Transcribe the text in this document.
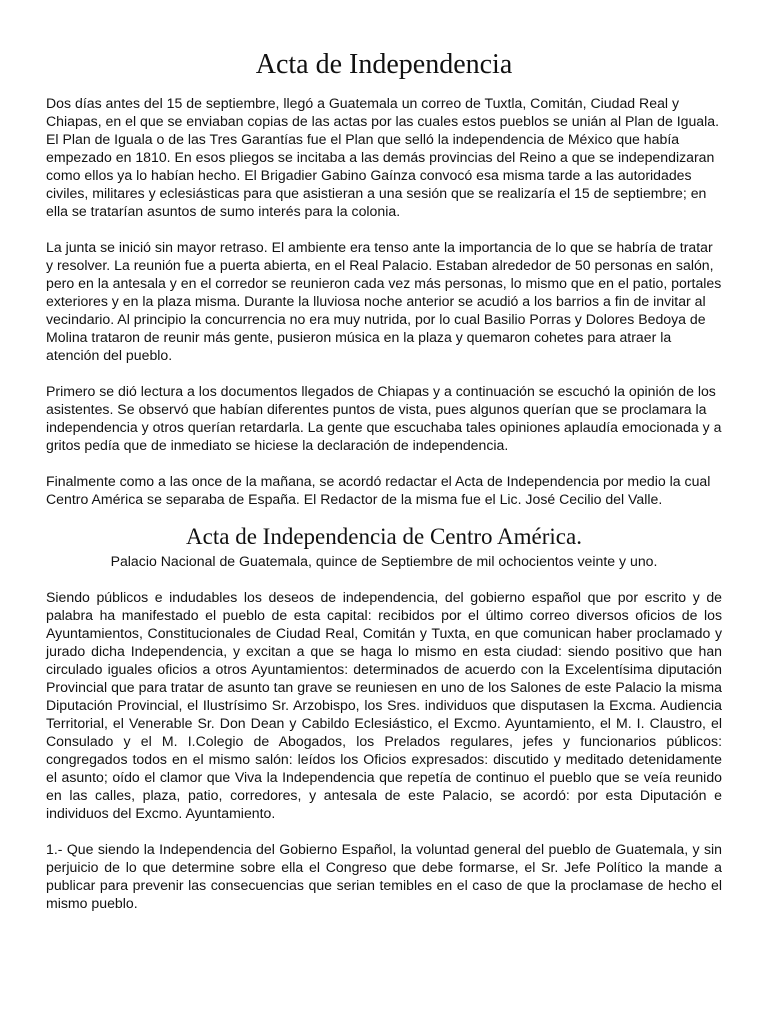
Acta de Independencia

Dos días antes del 15 de septiembre, llegó a Guatemala un correo de Tuxtla, Comitán, Ciudad Real y Chiapas, en el que se enviaban copias de las actas por las cuales estos pueblos se unián al Plan de Iguala. El Plan de Iguala o de las Tres Garantías fue el Plan que selló la independencia de México que había empezado en 1810. En esos pliegos se incitaba a las demás provincias del Reino a que se independizaran como ellos ya lo habían hecho. El Brigadier Gabino Gaínza convocó esa misma tarde a las autoridades civiles, militares y eclesiásticas para que asistieran a una sesión que se realizaría el 15 de septiembre; en ella se tratarían asuntos de sumo interés para la colonia.

La junta se inició sin mayor retraso. El ambiente era tenso ante la importancia de lo que se habría de tratar y resolver. La reunión fue a puerta abierta, en el Real Palacio. Estaban alrededor de 50 personas en salón, pero en la antesala y en el corredor se reunieron cada vez más personas, lo mismo que en el patio, portales exteriores y en la plaza misma. Durante la lluviosa noche anterior se acudió a los barrios a fin de invitar al vecindario. Al principio la concurrencia no era muy nutrida, por lo cual Basilio Porras y Dolores Bedoya de Molina trataron de reunir más gente, pusieron música en la plaza y quemaron cohetes para atraer la atención del pueblo.

Primero se dió lectura a los documentos llegados de Chiapas y a continuación se escuchó la opinión de los asistentes. Se observó que habían diferentes puntos de vista, pues algunos querían que se proclamara la independencia y otros querían retardarla. La gente que escuchaba tales opiniones aplaudía emocionada y a gritos pedía que de inmediato se hiciese la declaración de independencia.

Finalmente como a las once de la mañana, se acordó redactar el Acta de Independencia por medio la cual Centro América se separaba de España. El Redactor de la misma fue el Lic. José Cecilio del Valle.

Acta de Independencia de Centro América.

Palacio Nacional de Guatemala, quince de Septiembre de mil ochocientos veinte y uno.

Siendo públicos e indudables los deseos de independencia, del gobierno español que por escrito y de palabra ha manifestado el pueblo de esta capital: recibidos por el último correo diversos oficios de los Ayuntamientos, Constitucionales de Ciudad Real, Comitán y Tuxta, en que comunican haber proclamado y jurado dicha Independencia, y excitan a que se haga lo mismo en esta ciudad: siendo positivo que han circulado iguales oficios a otros Ayuntamientos: determinados de acuerdo con la Excelentísima diputación Provincial que para tratar de asunto tan grave se reuniesen en uno de los Salones de este Palacio la misma Diputación Provincial, el Ilustrísimo Sr. Arzobispo, los Sres. individuos que disputasen la Excma. Audiencia Territorial, el Venerable Sr. Don Dean y Cabildo Eclesiástico, el Excmo. Ayuntamiento, el M. I. Claustro, el Consulado y el M. I.Colegio de Abogados, los Prelados regulares, jefes y funcionarios públicos: congregados todos en el mismo salón: leídos los Oficios expresados: discutido y meditado detenidamente el asunto; oído el clamor que Viva la Independencia que repetía de continuo el pueblo que se veía reunido en las calles, plaza, patio, corredores, y antesala de este Palacio, se acordó: por esta Diputación e individuos del Excmo. Ayuntamiento.

1.- Que siendo la Independencia del Gobierno Español, la voluntad general del pueblo de Guatemala, y sin perjuicio de lo que determine sobre ella el Congreso que debe formarse, el Sr. Jefe Político la mande a publicar para prevenir las consecuencias que serian temibles en el caso de que la proclamase de hecho el mismo pueblo.
